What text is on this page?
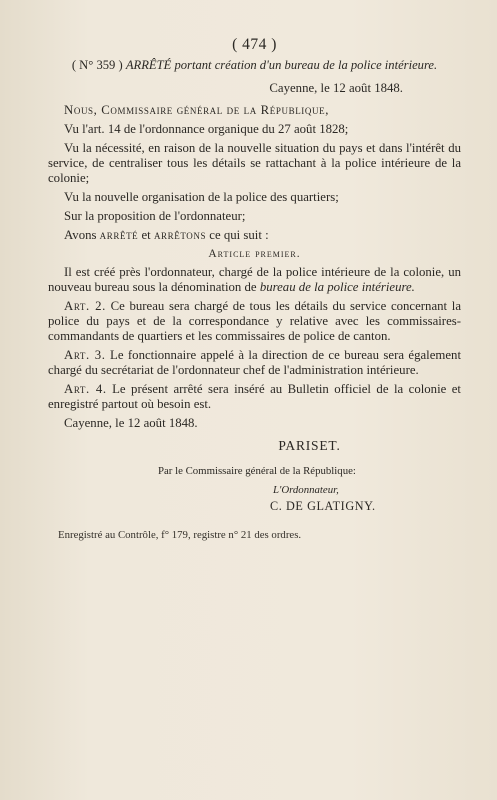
( 474 )
( N° 359 ) ARRÊTÉ portant création d'un bureau de la police intérieure.
Cayenne, le 12 août 1848.

Nous, Commissaire général de la République,

Vu l'art. 14 de l'ordonnance organique du 27 août 1828;

Vu la nécessité, en raison de la nouvelle situation du pays et dans l'intérêt du service, de centraliser tous les détails se rattachant à la police intérieure de la colonie;

Vu la nouvelle organisation de la police des quartiers;

Sur la proposition de l'ordonnateur;

Avons arrêté et arrêtons ce qui suit :

Article premier.

Il est créé près l'ordonnateur, chargé de la police intérieure de la colonie, un nouveau bureau sous la dénomination de bureau de la police intérieure.

Art. 2. Ce bureau sera chargé de tous les détails du service concernant la police du pays et de la correspondance y relative avec les commissaires-commandants de quartiers et les commissaires de police de canton.

Art. 3. Le fonctionnaire appelé à la direction de ce bureau sera également chargé du secrétariat de l'ordonnateur chef de l'administration intérieure.

Art. 4. Le présent arrêté sera inséré au Bulletin officiel de la colonie et enregistré partout où besoin est.

Cayenne, le 12 août 1848.

PARISET.

Par le Commissaire général de la République:

L'Ordonnateur,

C. DE GLATIGNY.

Enregistré au Contrôle, f° 179, registre n° 21 des ordres.
